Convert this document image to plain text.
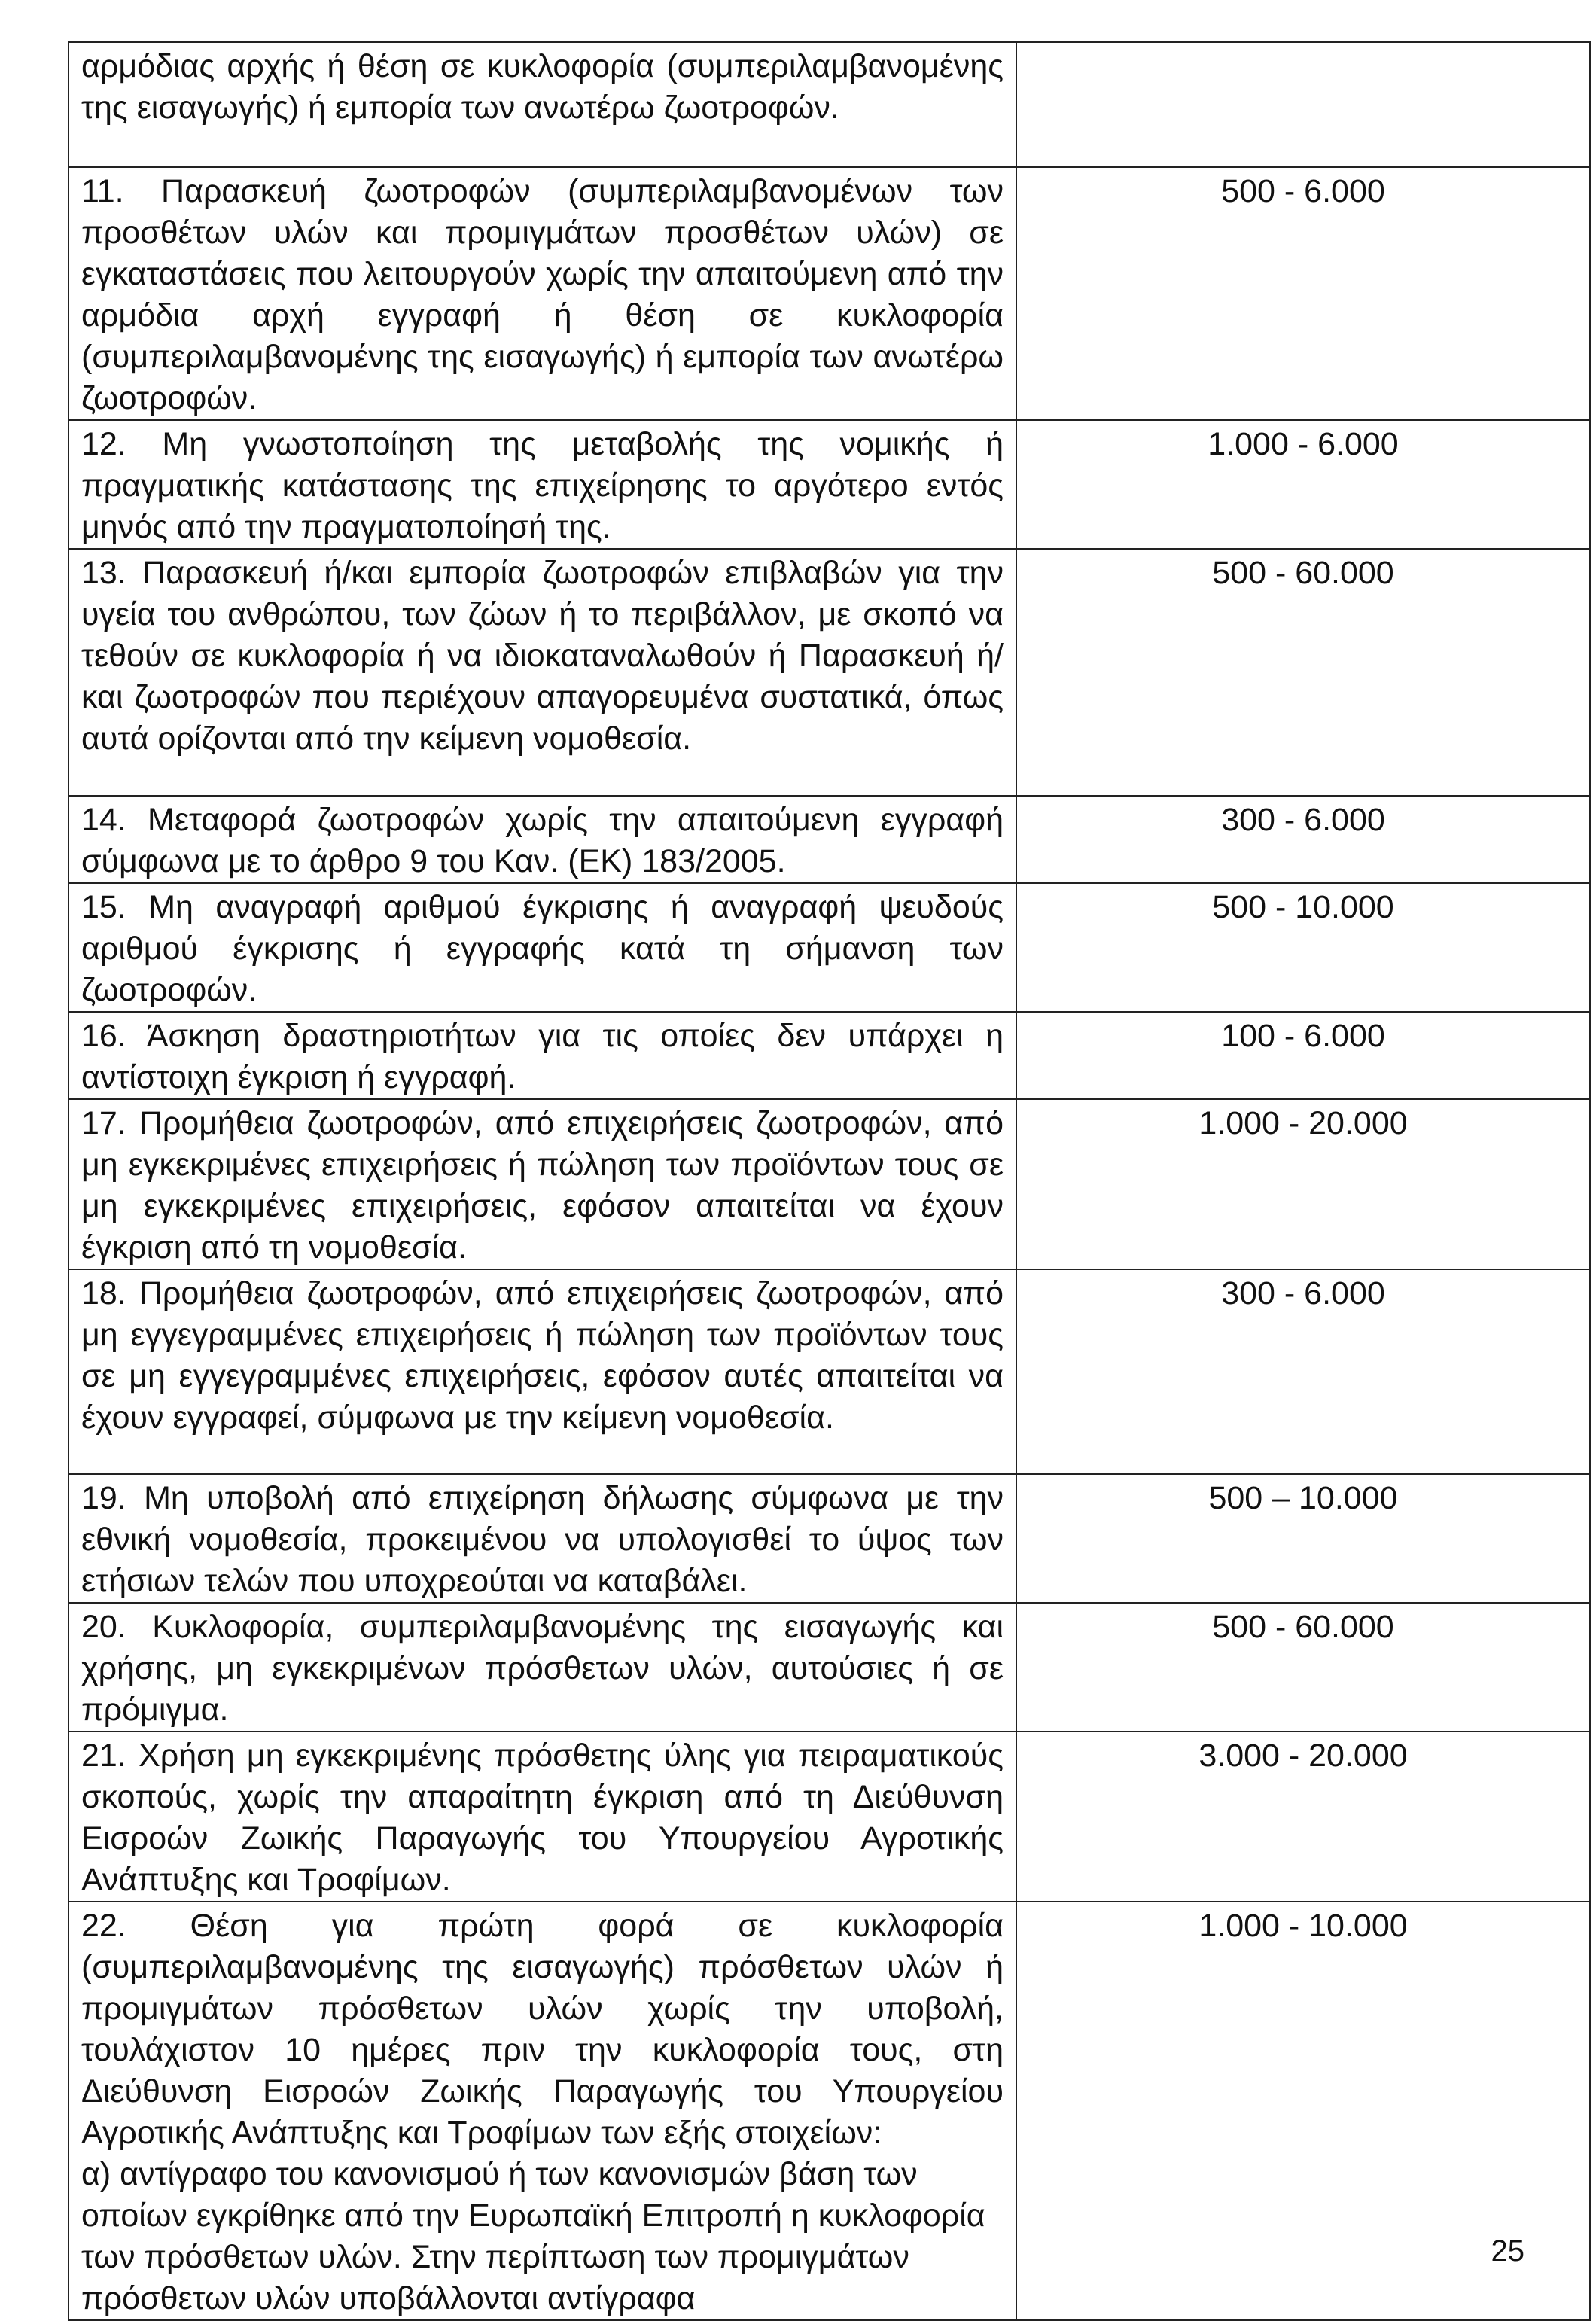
αρμόδιας αρχής ή θέση σε κυκλοφορία (συμπεριλαμβανομένης της εισαγωγής) ή εμπορία των ανωτέρω ζωοτροφών.	
11. Παρασκευή ζωοτροφών (συμπεριλαμβανομένων των προσθέτων υλών και προμιγμάτων προσθέτων υλών) σε εγκαταστάσεις που λειτουργούν χωρίς την απαιτούμενη από την αρμόδια αρχή εγγραφή ή θέση σε κυκλοφορία (συμπεριλαμβανομένης της εισαγωγής) ή εμπορία των ανωτέρω ζωοτροφών.	500 - 6.000
12. Μη γνωστοποίηση της μεταβολής της νομικής ή πραγματικής κατάστασης της επιχείρησης το αργότερο εντός μηνός από την πραγματοποίησή της.	1.000 - 6.000
13. Παρασκευή ή/και εμπορία ζωοτροφών επιβλαβών για την υγεία του ανθρώπου, των ζώων ή το περιβάλλον, με σκοπό να τεθούν σε κυκλοφορία ή να ιδιοκαταναλωθούν ή Παρασκευή ή/και ζωοτροφών που περιέχουν απαγορευμένα συστατικά, όπως αυτά ορίζονται από την κείμενη νομοθεσία.	500 - 60.000
14. Μεταφορά ζωοτροφών χωρίς την απαιτούμενη εγγραφή σύμφωνα με το άρθρο 9 του Καν. (ΕΚ) 183/2005.	300 - 6.000
15. Μη αναγραφή αριθμού έγκρισης ή αναγραφή ψευδούς αριθμού έγκρισης ή εγγραφής κατά τη σήμανση των ζωοτροφών.	500 - 10.000
16. Άσκηση δραστηριοτήτων για τις οποίες δεν υπάρχει η αντίστοιχη έγκριση ή εγγραφή.	100 - 6.000
17. Προμήθεια ζωοτροφών, από επιχειρήσεις ζωοτροφών, από μη εγκεκριμένες επιχειρήσεις ή πώληση των προϊόντων τους σε μη εγκεκριμένες επιχειρήσεις, εφόσον απαιτείται να έχουν έγκριση από τη νομοθεσία.	1.000 - 20.000
18. Προμήθεια ζωοτροφών, από επιχειρήσεις ζωοτροφών, από μη εγγεγραμμένες επιχειρήσεις ή πώληση των προϊόντων τους σε μη εγγεγραμμένες επιχειρήσεις, εφόσον αυτές απαιτείται να έχουν εγγραφεί, σύμφωνα με την κείμενη νομοθεσία.	300 - 6.000
19. Μη υποβολή από επιχείρηση δήλωσης σύμφωνα με την εθνική νομοθεσία, προκειμένου να υπολογισθεί το ύψος των ετήσιων τελών που υποχρεούται να καταβάλει.	500 – 10.000
20. Κυκλοφορία, συμπεριλαμβανομένης της εισαγωγής και χρήσης, μη εγκεκριμένων πρόσθετων υλών, αυτούσιες ή σε πρόμιγμα.	500 - 60.000
21. Χρήση μη εγκεκριμένης πρόσθετης ύλης για πειραματικούς σκοπούς, χωρίς την απαραίτητη έγκριση από τη Διεύθυνση Εισροών Ζωικής Παραγωγής του Υπουργείου Αγροτικής Ανάπτυξης και Τροφίμων.	3.000 - 20.000

22. Θέση για πρώτη φορά σε κυκλοφορία (συμπεριλαμβανομένης της εισαγωγής) πρόσθετων υλών ή προμιγμάτων πρόσθετων υλών χωρίς την υποβολή, τουλάχιστον 10 ημέρες πριν την κυκλοφορία τους, στη Διεύθυνση Εισροών Ζωικής Παραγωγής του Υπουργείου Αγροτικής Ανάπτυξης και Τροφίμων των εξής στοιχείων:
α) αντίγραφο του κανονισμού ή των κανονισμών βάση των οποίων εγκρίθηκε από την Ευρωπαϊκή Επιτροπή η κυκλοφορία των πρόσθετων υλών. Στην περίπτωση των προμιγμάτων πρόσθετων υλών υποβάλλονται αντίγραφα	1.000 - 10.000
25
